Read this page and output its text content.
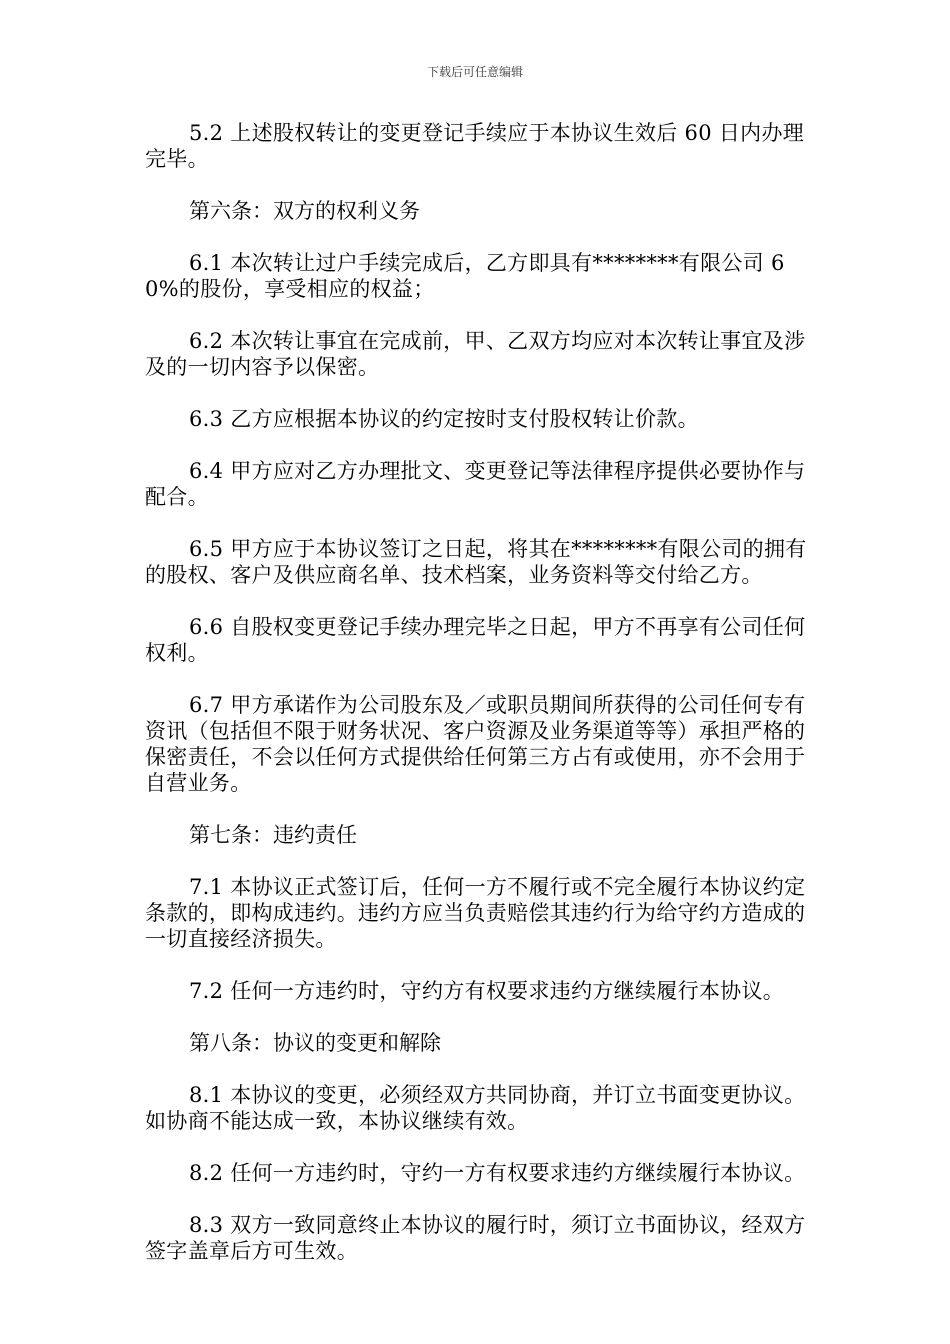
下载后可任意编辑

5.2 上述股权转让的变更登记手续应于本协议生效后 60 日内办理完毕。

第六条：双方的权利义务

6.1 本次转让过户手续完成后，乙方即具有********有限公司 60%的股份，享受相应的权益；

6.2 本次转让事宜在完成前，甲、乙双方均应对本次转让事宜及涉及的一切内容予以保密。

6.3 乙方应根据本协议的约定按时支付股权转让价款。

6.4 甲方应对乙方办理批文、变更登记等法律程序提供必要协作与配合。

6.5 甲方应于本协议签订之日起，将其在********有限公司的拥有的股权、客户及供应商名单、技术档案，业务资料等交付给乙方。

6.6 自股权变更登记手续办理完毕之日起，甲方不再享有公司任何权利。

6.7 甲方承诺作为公司股东及／或职员期间所获得的公司任何专有资讯（包括但不限于财务状况、客户资源及业务渠道等等）承担严格的保密责任，不会以任何方式提供给任何第三方占有或使用，亦不会用于自营业务。

第七条：违约责任

7.1 本协议正式签订后，任何一方不履行或不完全履行本协议约定条款的，即构成违约。违约方应当负责赔偿其违约行为给守约方造成的一切直接经济损失。

7.2 任何一方违约时，守约方有权要求违约方继续履行本协议。

第八条：协议的变更和解除

8.1 本协议的变更，必须经双方共同协商，并订立书面变更协议。如协商不能达成一致，本协议继续有效。

8.2 任何一方违约时，守约一方有权要求违约方继续履行本协议。

8.3 双方一致同意终止本协议的履行时，须订立书面协议，经双方签字盖章后方可生效。
